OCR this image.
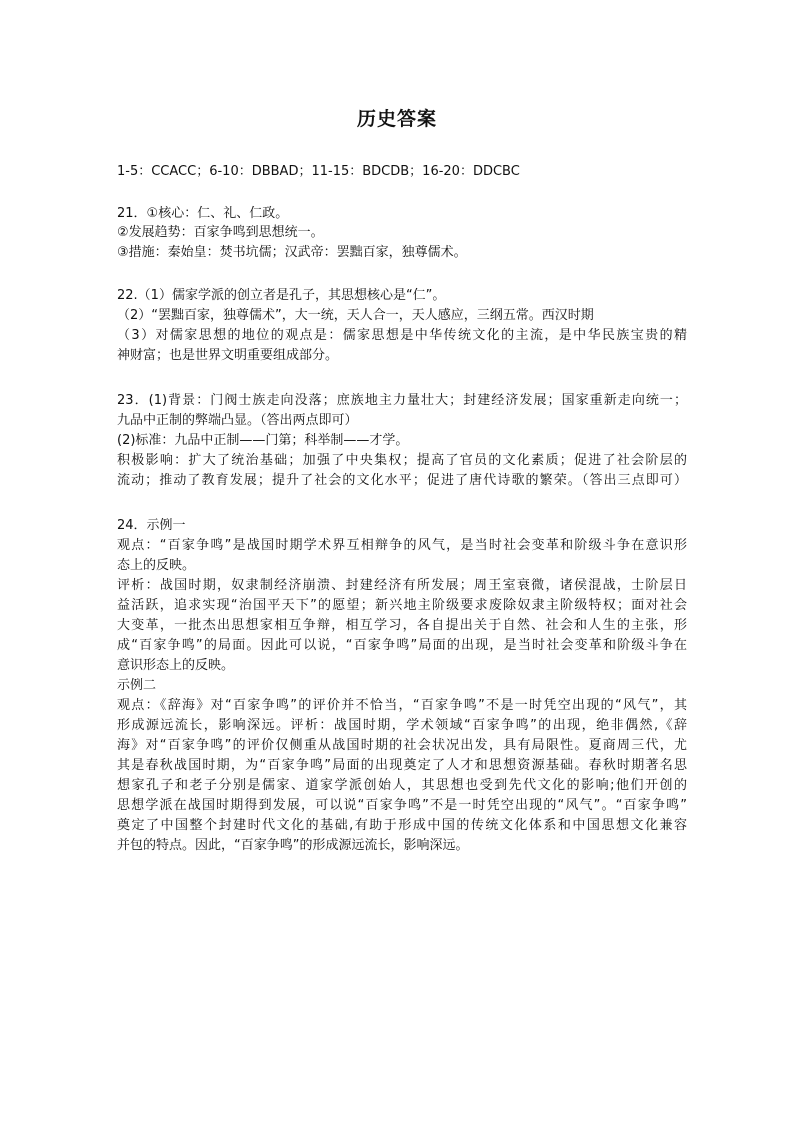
历史答案
1-5：CCACC；6-10：DBBAD；11-15：BDCDB；16-20：DDCBC
21．①核心：仁、礼、仁政。
②发展趋势：百家争鸣到思想统一。
③措施：秦始皇：焚书坑儒；汉武帝：罢黜百家，独尊儒术。
22.（1）儒家学派的创立者是孔子，其思想核心是“仁”。
（2）“罢黜百家，独尊儒术”，大一统，天人合一，天人感应，三纲五常。西汉时期
（3）对儒家思想的地位的观点是：儒家思想是中华传统文化的主流，是中华民族宝贵的精
神财富；也是世界文明重要组成部分。
23．(1)背景：门阀士族走向没落；庶族地主力量壮大；封建经济发展；国家重新走向统一；
九品中正制的弊端凸显。（答出两点即可）
(2)标准：九品中正制——门第；科举制——才学。
积极影响：扩大了统治基础；加强了中央集权；提高了官员的文化素质；促进了社会阶层的
流动；推动了教育发展；提升了社会的文化水平；促进了唐代诗歌的繁荣。（答出三点即可）
24．示例一
观点：“百家争鸣”是战国时期学术界互相辩争的风气，是当时社会变革和阶级斗争在意识形
态上的反映。
评析：战国时期，奴隶制经济崩溃、封建经济有所发展；周王室衰微，诸侯混战，士阶层日
益活跃，追求实现“治国平天下”的愿望；新兴地主阶级要求废除奴隶主阶级特权；面对社会
大变革，一批杰出思想家相互争辩，相互学习，各自提出关于自然、社会和人生的主张，形
成“百家争鸣”的局面。因此可以说，“百家争鸣”局面的出现，是当时社会变革和阶级斗争在
意识形态上的反映。
示例二
观点：《辞海》对“百家争鸣”的评价并不恰当，“百家争鸣”不是一时凭空出现的“风气”，其
形成源远流长，影响深远。评析：战国时期，学术领域“百家争鸣”的出现，绝非偶然,《辞
海》对“百家争鸣”的评价仅侧重从战国时期的社会状况出发，具有局限性。夏商周三代，尤
其是春秋战国时期，为“百家争鸣”局面的出现奠定了人才和思想资源基础。春秋时期著名思
想家孔子和老子分别是儒家、道家学派创始人，其思想也受到先代文化的影响;他们开创的
思想学派在战国时期得到发展，可以说“百家争鸣”不是一时凭空出现的“风气”。“百家争鸣”
奠定了中国整个封建时代文化的基础,有助于形成中国的传统文化体系和中国思想文化兼容
并包的特点。因此，“百家争鸣”的形成源远流长，影响深远。
